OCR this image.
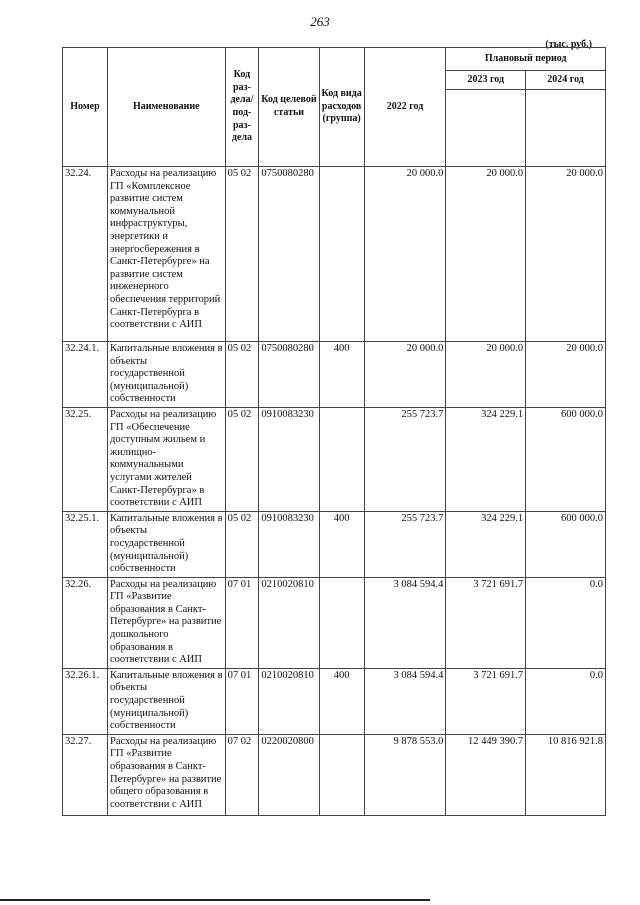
263
(тыс. руб.)
Номер	Наименование	Код раз-дела/ под-раз-дела	Код целевой статьи	Код вида расходов (группа)	2022 год	Плановый период	
						2023 год	2024 год

32.24.	Расходы на реализацию ГП «Комплексное развитие систем коммунальной инфраструктуры, энергетики и энергосбережения в Санкт-Петербурге» на развитие систем инженерного обеспечения территорий Санкт-Петербурга в соответствии с АИП	05 02	0750080280		20 000.0	20 000.0	20 000.0
32.24.1.	Капитальные вложения в объекты государственной (муниципальной) собственности	05 02	0750080280	400	20 000.0	20 000.0	20 000.0
32.25.	Расходы на реализацию ГП «Обеспечение доступным жильем и жилищно-коммунальными услугами жителей Санкт-Петербурга» в соответствии с АИП	05 02	0910083230		255 723.7	324 229.1	600 000.0
32.25.1.	Капитальные вложения в объекты государственной (муниципальной) собственности	05 02	0910083230	400	255 723.7	324 229.1	600 000.0
32.26.	Расходы на реализацию ГП «Развитие образования в Санкт-Петербурге» на развитие дошкольного образования в соответствии с АИП	07 01	0210020810		3 084 594.4	3 721 691.7	0.0
32.26.1.	Капитальные вложения в объекты государственной (муниципальной) собственности	07 01	0210020810	400	3 084 594.4	3 721 691.7	0.0
32.27.	Расходы на реализацию ГП «Развитие образования в Санкт-Петербурге» на развитие общего образования в соответствии с АИП	07 02	0220020800		9 878 553.0	12 449 390.7	10 816 921.8
